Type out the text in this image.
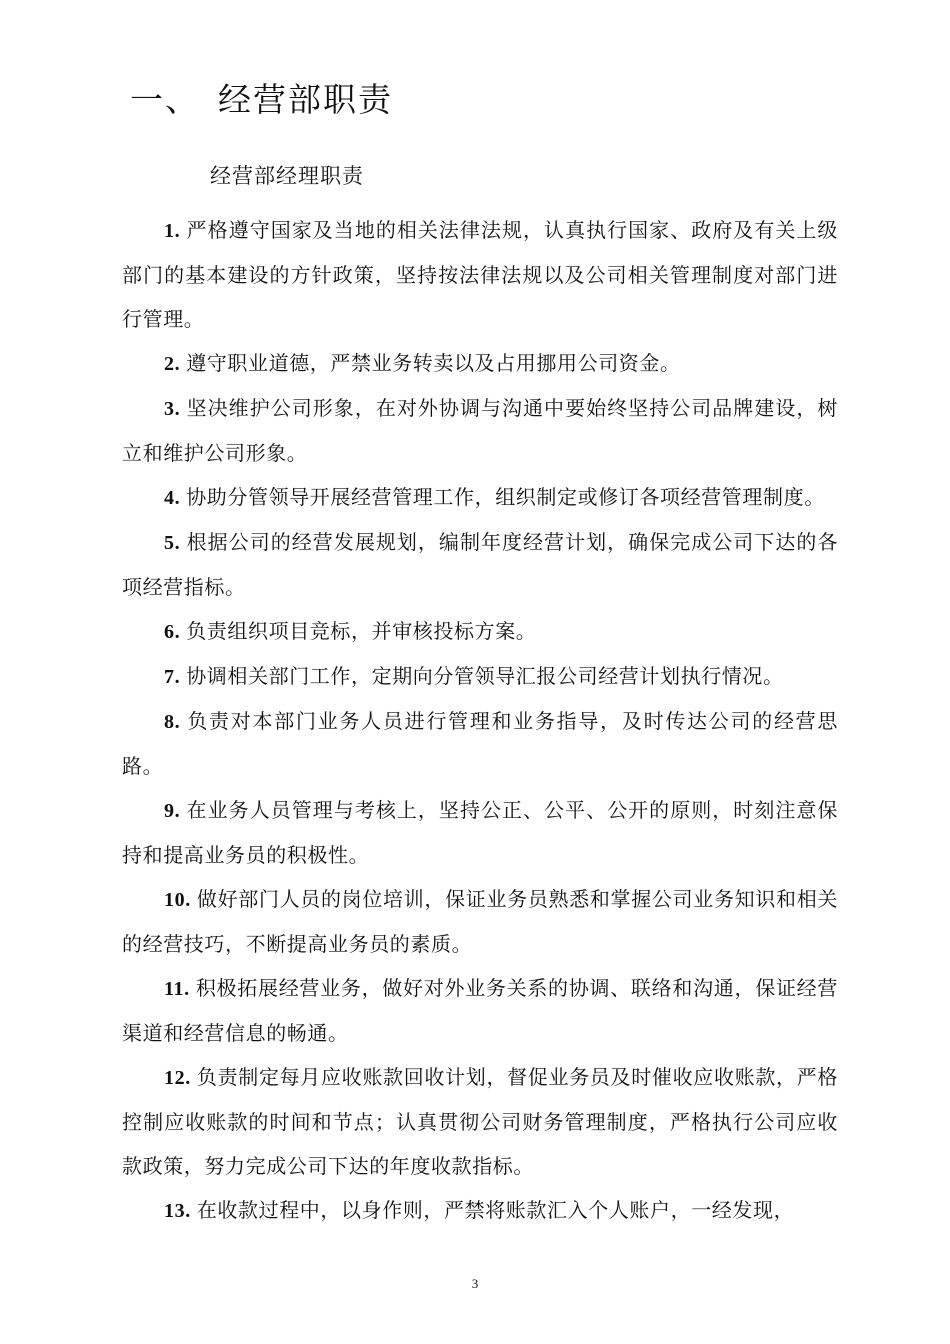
一、 经营部职责
经营部经理职责

1. 严格遵守国家及当地的相关法律法规，认真执行国家、政府及有关上级部门的基本建设的方针政策，坚持按法律法规以及公司相关管理制度对部门进行管理。

2. 遵守职业道德，严禁业务转卖以及占用挪用公司资金。

3. 坚决维护公司形象，在对外协调与沟通中要始终坚持公司品牌建设，树立和维护公司形象。

4. 协助分管领导开展经营管理工作，组织制定或修订各项经营管理制度。

5. 根据公司的经营发展规划，编制年度经营计划，确保完成公司下达的各项经营指标。

6. 负责组织项目竞标，并审核投标方案。

7. 协调相关部门工作，定期向分管领导汇报公司经营计划执行情况。

8. 负责对本部门业务人员进行管理和业务指导，及时传达公司的经营思路。

9. 在业务人员管理与考核上，坚持公正、公平、公开的原则，时刻注意保持和提高业务员的积极性。

10. 做好部门人员的岗位培训，保证业务员熟悉和掌握公司业务知识和相关的经营技巧，不断提高业务员的素质。

11. 积极拓展经营业务，做好对外业务关系的协调、联络和沟通，保证经营渠道和经营信息的畅通。

12. 负责制定每月应收账款回收计划，督促业务员及时催收应收账款，严格控制应收账款的时间和节点；认真贯彻公司财务管理制度，严格执行公司应收款政策，努力完成公司下达的年度收款指标。

13. 在收款过程中，以身作则，严禁将账款汇入个人账户，一经发现，

3
